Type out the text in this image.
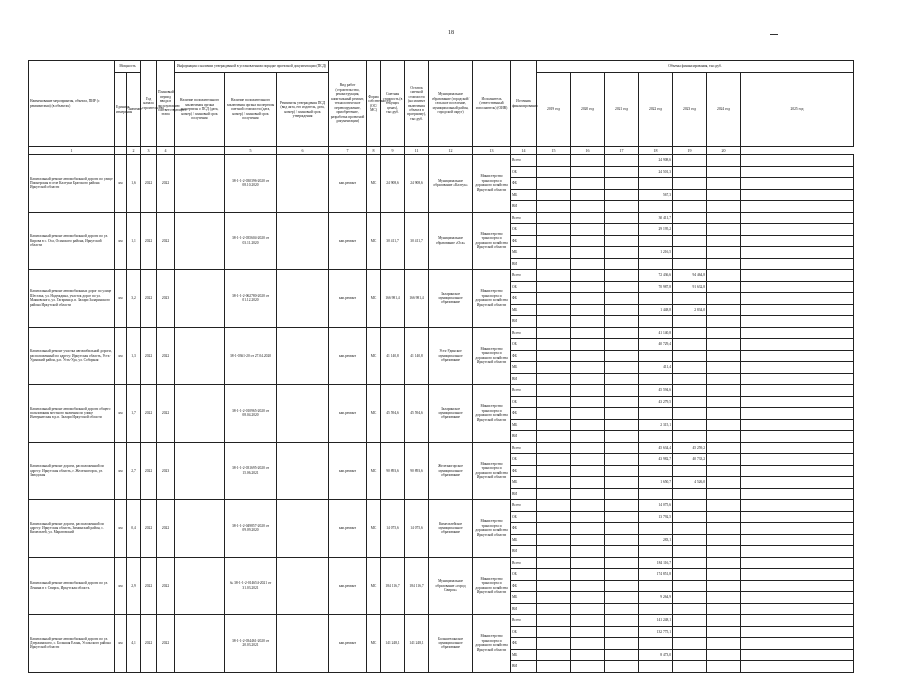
18
Наименование мероприятия, объекта, ПИР (с реквизитами) (в объектах)	Мощность		Год начала строительства	Плановый период ввода в эксплуатацию соответствующего этапа	Информация о наличии утвержденной в установленном порядке проектной документации (ПСД)			Вид работ (строительство, реконструкция, капитальный ремонт, технологическое перевооружение, приобретение, разработка проектной документации)	Форма собственности (ОС/МС)	Сметная стоимость (в текущих ценах), тыс.руб.	Остаток сметной стоимости (на момент включения объекта в программу), тыс.руб.	Муниципальное образование (городской/сельское поселение, муниципальный район, городской округ)	Исполнитель (ответственный исполнитель) (ОИВ)	Источник финансирования	Объемы финансирования, тыс.руб.						
	Единица измерения	Значение			Наличие положительного заключения органа экспертизы о ПСД (дата, номер) / плановый срок получения	Наличие положительного заключения органа экспертизы сметной стоимости (дата, номер) / плановый срок получения	Реквизиты утверждения ПСД (вид акта, его издатель, дата, номер) / плановый срок утверждения								2019 год	2020 год	2021 год	2022 год	2023 год	2024 год	2025 год

1		2	3	4		5	6	7	8	9	11	12	13	14	15	16	17	18	19	20	
Капитальный ремонт автомобильной дороги по улице Пионерская в селе Калтуки Братского района Иркутской области	км	1,6	2022	2022		38-1-1-2-030396-2020 от 08.10.2020		кап.ремонт	МС	24 908,6	24 908,6	Муниципальное образование «Калтук»	Министерство транспорта и дорожного хозяйства Иркутской области	Всего				24 908,6			
														ОБ				24 501,3			
														ФБ							
														МБ				567,3			
														ВИ							
Капитальный ремонт автомобильной дороги по ул. Кирова в с. Оса, Осинского района, Иркутской области	км	1,1	2022	2022		38-1-1-2-035604-2020 от 03.11.2020		кап.ремонт	МС	30 411,7	30 411,7	Муниципальное образование «Оса»	Министерство транспорта и дорожного хозяйства Иркутской области	Всего				30 411,7			
														ОБ				29 195,2			
														ФБ							
														МБ				1 216,5			
														ВИ							
Капитальный ремонт автомобильных дорог по улице Шестака, ул. Надеждина, участок дорог по ул. Маяковского, ул. Гагарина р.п. Залари Заларинского района Иркутской области	км	3,2	2022	2023		38-1-1-2-062780-2020 от 01.12.2020		кап.ремонт	МС	166 981,4	166 981,4	Заларинское муниципальное образование	Министерство транспорта и дорожного хозяйства Иркутской области	Всего				72 436,6	94 464,8		
														ОБ				70 987,8	91 632,8		
														ФБ							
														МБ				1 448,8	2 834,0		
														ВИ							
Капитальный ремонт участка автомобильной дороги, расположенный по адресу: Иркутская область, Усть-Удинский район, р.п. Усть-Уда, ул. Соборная	км	1,3	2022	2022		38-1-0361-20 от 27.04.2020		кап.ремонт	МС	41 140,8	41 140,8	Усть-Удинское муниципальное образование	Министерство транспорта и дорожного хозяйства Иркутской области	Всего				41 140,8			
														ОБ				40 729,4			
														ФБ							
														МБ				411,4			
														ВИ							
Капитальный ремонт автомобильной дороги общего пользования местного значения по улице Интернатская в р.п. Залари Иркутской области	км	1,7	2022	2022		38-1-1-2-010965-2020 от 08.04.2020		кап.ремонт	МС	45 594,6	45 594,6	Заларинское муниципальное образование	Министерство транспорта и дорожного хозяйства Иркутской области	Всего				45 594,6			
														ОБ				43 279,5			
														ФБ							
														МБ				2 315,1			
														ВИ							
Капитальный ремонт дороги, расположенной по адресу: Иркутская область, г. Железногорск, ул. Заводская	км	2,7	2022	2023		38-1-1-2-031695-2020 от 15.06.2021		кап.ремонт	МС	90 893,6	90 893,6	Железногорское муниципальное образование	Министерство транспорта и дорожного хозяйства Иркутской области	Всего				45 634,4	45 259,2		
														ОБ				43 982,7	40 733,2		
														ФБ							
														МБ				1 650,7	4 526,0		
														ВИ							
Капитальный ремонт дороги, расположенной по адресу: Иркутская область, Зиминский район, с. Кимельтей, ул. Маратовский	км	0,4	2022	2022		38-1-1-2-049857-2020 от 09.09.2020		кап.ремонт	МС	14 075,6	14 075,6	Кимельтейское муниципальное образование	Министерство транспорта и дорожного хозяйства Иркутской области	Всего				14 075,6			
														ОБ				13 792,5			
														ФБ							
														МБ				283,1			
														ВИ							
Капитальный ремонт автомобильной дороги по ул. Ленина в г. Свирск, Иркутская область	км	2,9	2022	2022		№ 38-1-1-2-014654-2021 от 31.03.2021		кап.ремонт	МС	184 116,7	184 116,7	Муниципальное образование «город Свирск»	Министерство транспорта и дорожного хозяйства Иркутской области	Всего				184 116,7			
														ОБ				174 851,8			
														ФБ							
														МБ				9 264,9			
														ВИ							
Капитальный ремонт автомобильной дороги по ул. Дзержинского, с. Большая Елань, Усольского района Иркутской области	км	4,1	2022	2022		38-1-1-2-034461-2020 от 20.03.2021		кап.ремонт	МС	141 248,1	141 248,1	Большееланское муниципальное образование	Министерство транспорта и дорожного хозяйства Иркутской области	Всего				141 248,1			
														ОБ				132 775,1			
														ФБ							
														МБ				8 473,0			
														ВИ							
